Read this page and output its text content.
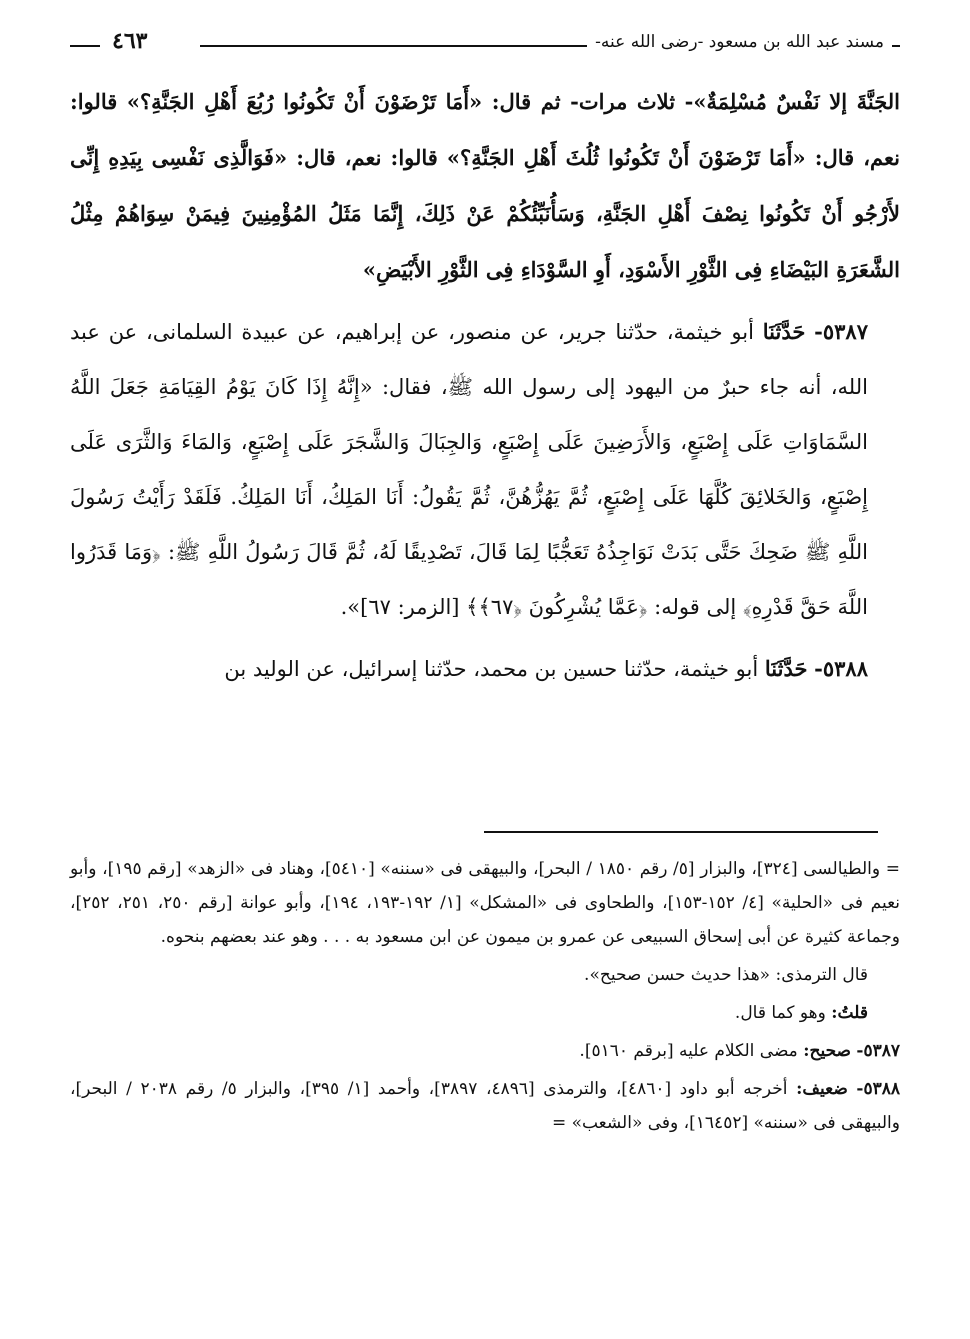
٤٦٣	مسند عبد الله بن مسعود -رضى الله عنه-

الجَنَّةَ إلا نَفْسٌ مُسْلِمَةٌ»- ثلاث مرات- ثم قال: «أَمَا تَرْضَوْنَ أَنْ تَكُونُوا رُبُعَ أَهْلِ الجَنَّةِ؟» قالوا: نعم، قال: «أَمَا تَرْضَوْنَ أَنْ تَكُونُوا ثُلُثَ أَهْلِ الجَنَّةِ؟» قالوا: نعم، قال: «فَوَالَّذِى نَفْسِى بِيَدِهِ إِنِّى لأَرْجُو أَنْ تَكُونُوا نِصْفَ أَهْلِ الجَنَّةِ، وَسَأُنَبِّئُكُمْ عَنْ ذَلِكَ، إِنَّمَا مَثَلُ المُؤْمِنِينَ فِيمَنْ سِوَاهُمْ مِثْلُ الشَّعَرَةِ البَيْضَاءِ فِى الثَّوْرِ الأَسْوَدِ، أَوِ السَّوْدَاءِ فِى الثَّوْرِ الأَبْيَضِ»

٥٣٨٧- حَدَّثَنَا أبو خيثمة، حدّثنا جرير، عن منصور، عن إبراهيم، عن عبيدة السلمانى، عن عبد الله، أنه جاء حبرٌ من اليهود إلى رسول الله ﷺ، فقال: «إِنَّهُ إِذَا كَانَ يَوْمُ القِيَامَةِ جَعَلَ اللَّهُ السَّمَاوَاتِ عَلَى إِصْبَعٍ، وَالأَرَضِينَ عَلَى إِصْبَعٍ، وَالجِبَالَ وَالشَّجَرَ عَلَى إِصْبَعٍ، وَالمَاءَ وَالثَّرَى عَلَى إِصْبَعٍ، وَالخَلائِقَ كُلَّهَا عَلَى إِصْبَعٍ، ثُمَّ يَهُزُّهُنَّ، ثُمَّ يَقُولُ: أَنَا المَلِكُ، أَنَا المَلِكُ. فَلَقَدْ رَأَيْتُ رَسُولَ اللَّهِ ﷺ ضَحِكَ حَتَّى بَدَتْ نَوَاجِذُهُ تَعَجُّبًا لِمَا قَالَ، تَصْدِيقًا لَهُ، ثُمَّ قَالَ رَسُولُ اللَّهِ ﷺ: ﴿وَمَا قَدَرُوا اللَّهَ حَقَّ قَدْرِهِ﴾ إلى قوله: ﴿عَمَّا يُشْرِكُونَ ﴿٦٧﴾﴾ [الزمر: ٦٧]».

٥٣٨٨- حَدَّثَنَا أبو خيثمة، حدّثنا حسين بن محمد، حدّثنا إسرائيل، عن الوليد بن

= والطيالسى [٣٢٤]، والبزار [٥/ رقم ١٨٥٠ / البحر]، والبيهقى فى «سننه» [٥٤١٠]، وهناد فى «الزهد» [رقم ١٩٥]، وأبو نعيم فى «الحلية» [٤/ ١٥٢-١٥٣]، والطحاوى فى «المشكل» [١/ ١٩٢-١٩٣، ١٩٤]، وأبو عوانة [رقم ٢٥٠، ٢٥١، ٢٥٢]، وجماعة كثيرة عن أبى إسحاق السبيعى عن عمرو بن ميمون عن ابن مسعود به . . . وهو عند بعضهم بنحوه.

قال الترمذى: «هذا حديث حسن صحيح».

قلتُ: وهو كما قال.

٥٣٨٧- صحيح: مضى الكلام عليه [برقم ٥١٦٠].

٥٣٨٨- ضعيف: أخرجه أبو داود [٤٨٦٠]، والترمذى [٤٨٩٦، ٣٨٩٧]، وأحمد [١/ ٣٩٥]، والبزار ٥/ رقم ٢٠٣٨ / البحر]، والبيهقى فى «سننه» [١٦٤٥٢]، وفى «الشعب» =
